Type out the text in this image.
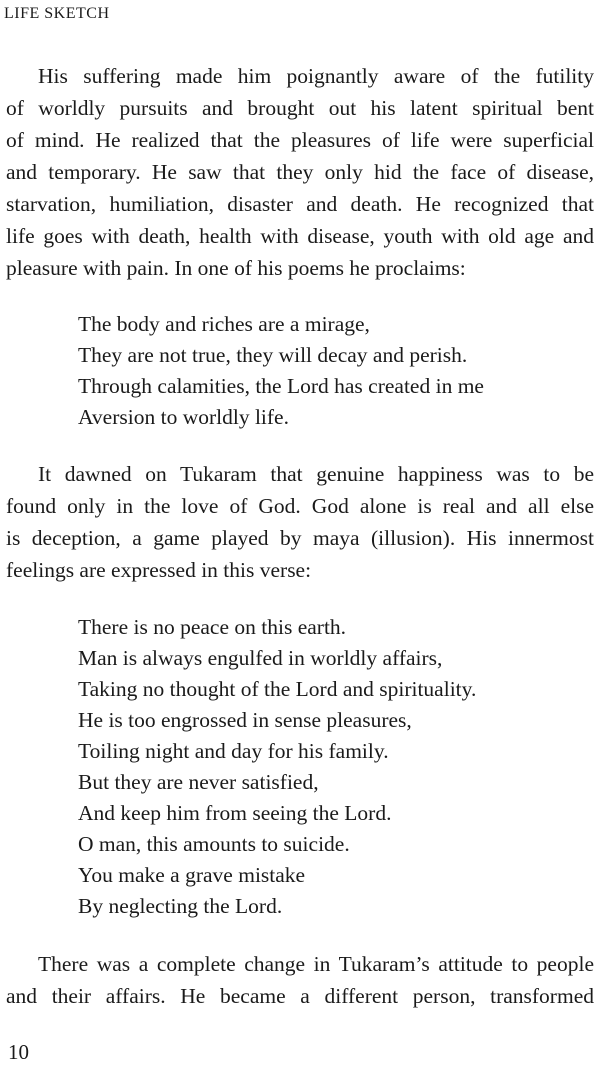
LIFE SKETCH
His suffering made him poignantly aware of the futility
of worldly pursuits and brought out his latent spiritual bent
of mind. He realized that the pleasures of life were superficial
and temporary. He saw that they only hid the face of disease,
starvation, humiliation, disaster and death. He recognized that
life goes with death, health with disease, youth with old age and
pleasure with pain. In one of his poems he proclaims:
The body and riches are a mirage,
They are not true, they will decay and perish.
Through calamities, the Lord has created in me
Aversion to worldly life.
It dawned on Tukaram that genuine happiness was to be
found only in the love of God. God alone is real and all else
is deception, a game played by maya (illusion). His innermost
feelings are expressed in this verse:
There is no peace on this earth.
Man is always engulfed in worldly affairs,
Taking no thought of the Lord and spirituality.
He is too engrossed in sense pleasures,
Toiling night and day for his family.
But they are never satisfied,
And keep him from seeing the Lord.
O man, this amounts to suicide.
You make a grave mistake
By neglecting the Lord.
There was a complete change in Tukaram’s attitude to people
and their affairs. He became a different person, transformed
10
